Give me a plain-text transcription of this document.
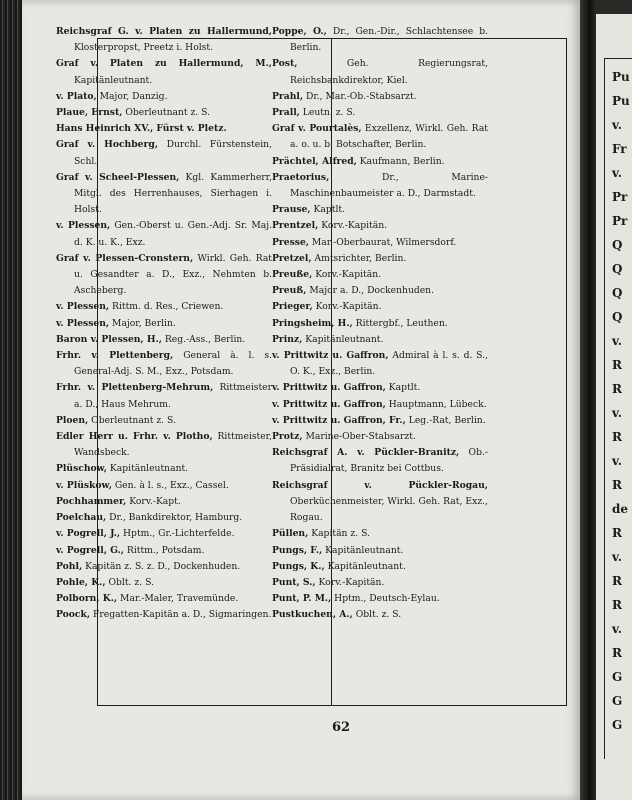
Reichsgraf G. v. Platen zu Hallermund, Klosterpropst, Preetz i. Holst.
Graf v. Platen zu Hallermund, M., Kapitänleutnant.
v. Plato, Major, Danzig.
Plaue, Ernst, Oberleutnant z. S.
Hans Heinrich XV., Fürst v. Pletz.
Graf v. Hochberg, Durchl. Fürstenstein, Schl.
Graf v. Scheel-Plessen, Kgl. Kammerherr, Mitgl. des Herrenhauses, Sierhagen i. Holst.
v. Plessen, Gen.-Oberst u. Gen.-Adj. Sr. Maj. d. K. u. K., Exz.
Graf v. Plessen-Cronstern, Wirkl. Geh. Rat u. Gesandter a. D., Exz., Nehmten b. Ascheberg.
v. Plessen, Rittm. d. Res., Criewen.
v. Plessen, Major, Berlin.
Baron v. Plessen, H., Reg.-Ass., Berlin.
Frhr. v. Plettenberg, General à. l. s. General-Adj. S. M., Exz., Potsdam.
Frhr. v. Plettenberg-Mehrum, Rittmeister a. D., Haus Mehrum.
Ploen, Oberleutnant z. S.
Edler Herr u. Frhr. v. Plotho, Rittmeister, Wandsbeck.
Plüschow, Kapitänleutnant.
v. Plüskow, Gen. à l. s., Exz., Cassel.
Pochhammer, Korv.-Kapt.
Poelchau, Dr., Bankdirektor, Hamburg.
v. Pogrell, J., Hptm., Gr.-Lichterfelde.
v. Pogrell, G., Rittm., Potsdam.
Pohl, Kapitän z. S. z. D., Dockenhuden.
Pohle, K., Oblt. z. S.
Polborn, K., Mar.-Maler, Travemünde.
Poock, Fregatten-Kapitän a. D., Sigmaringen.
Poppe, O., Dr., Gen.-Dir., Schlachtensee b. Berlin.
Post, Geh. Regierungsrat, Reichsbankdirektor, Kiel.
Prahl, Dr., Mar.-Ob.-Stabsarzt.
Prall, Leutn. z. S.
Graf v. Pourtalès, Exzellenz, Wirkl. Geh. Rat a. o. u. b. Botschafter, Berlin.
Prächtel, Alfred, Kaufmann, Berlin.
Praetorius, Dr., Marine-Maschinenbaumeister a. D., Darmstadt.
Prause, Kaptlt.
Prentzel, Korv.-Kapitän.
Presse, Mar.-Oberbaurat, Wilmersdorf.
Pretzel, Amtsrichter, Berlin.
Preuße, Korv.-Kapitän.
Preuß, Major a. D., Dockenhuden.
Prieger, Korv.-Kapitän.
Pringsheim, H., Rittergbf., Leuthen.
Prinz, Kapitänleutnant.
v. Prittwitz u. Gaffron, Admiral à l. s. d. S., O. K., Exz., Berlin.
v. Prittwitz u. Gaffron, Kaptlt.
v. Prittwitz u. Gaffron, Hauptmann, Lübeck.
v. Prittwitz u. Gaffron, Fr., Leg.-Rat, Berlin.
Protz, Marine-Ober-Stabsarzt.
Reichsgraf A. v. Pückler-Branitz, Ob.-Präsidialrat, Branitz bei Cottbus.
Reichsgraf v. Pückler-Rogau, Oberküchenmeister, Wirkl. Geh. Rat, Exz., Rogau.
Püllen, Kapitän z. S.
Pungs, F., Kapitänleutnant.
Pungs, K., Kapitänleutnant.
Punt, S., Korv.-Kapitän.
Punt, P. M., Hptm., Deutsch-Eylau.
Pustkuchen, A., Oblt. z. S.
62
Pu
Pu
v.
Fr
v.
Pr
Pr
Q
Q
Q
Q
v.
R
R
v.
R
v.
R
de
R
v.
R
R
v.
R
G
G
G
